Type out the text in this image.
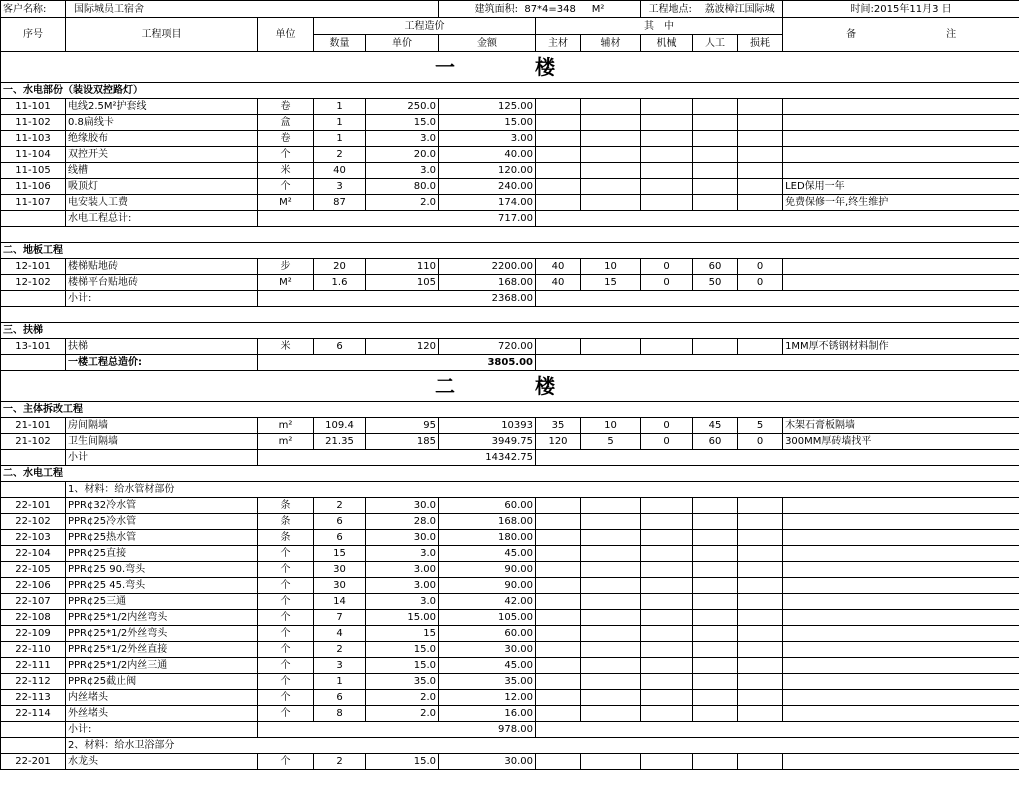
客户名称:	国际城员工宿舍				建筑面积: 87*4=348 M²			工程地点: 荔波樟江国际城			时间:2015年11月3 日
序号	工程项目	单位	工程造价			其　中					备 注
			数量	单价	金额	主材	辅材	机械	人工	损耗	
一　楼											
一、水电部份（装设双控路灯）											
11-101	电线2.5M²护套线	卷	1	250.0	125.00						
11-102	0.8扁线卡	盒	1	15.0	15.00						
11-103	绝缘胶布	卷	1	3.0	3.00						
11-104	双控开关	个	2	20.0	40.00						
11-105	线槽	米	40	3.0	120.00						
11-106	吸顶灯	个	3	80.0	240.00						LED保用一年
11-107	电安装人工费	M²	87	2.0	174.00						免费保修一年,终生维护
	水电工程总计:	717.00									

二、地板工程											
12-101	楼梯贴地砖	步	20	110	2200.00	40	10	0	60	0	
12-102	楼梯平台贴地砖	M²	1.6	105	168.00	40	15	0	50	0	
	小计:	2368.00									

三、扶梯											
13-101	扶梯	米	6	120	720.00						1MM厚不锈钢材料制作
	一楼工程总造价:	3805.00									
二　楼											
一、主体拆改工程											
21-101	房间隔墙	m²	109.4	95	10393	35	10	0	45	5	木架石膏板隔墙
21-102	卫生间隔墙	m²	21.35	185	3949.75	120	5	0	60	0	300MM厚砖墙找平
	小计	14342.75									
二、水电工程											
	1、材料：给水管材部份										
22-101	PPR¢32冷水管	条	2	30.0	60.00						
22-102	PPR¢25冷水管	条	6	28.0	168.00						
22-103	PPR¢25热水管	条	6	30.0	180.00						
22-104	PPR¢25直接	个	15	3.0	45.00						
22-105	PPR¢25 90.弯头	个	30	3.00	90.00						
22-106	PPR¢25 45.弯头	个	30	3.00	90.00						
22-107	PPR¢25三通	个	14	3.0	42.00						
22-108	PPR¢25*1/2内丝弯头	个	7	15.00	105.00						
22-109	PPR¢25*1/2外丝弯头	个	4	15	60.00						
22-110	PPR¢25*1/2外丝直接	个	2	15.0	30.00						
22-111	PPR¢25*1/2内丝三通	个	3	15.0	45.00						
22-112	PPR¢25截止阀	个	1	35.0	35.00						
22-113	内丝堵头	个	6	2.0	12.00						
22-114	外丝堵头	个	8	2.0	16.00						
	小计:	978.00									
	2、材料：给水卫浴部分										
22-201	水龙头	个	2	15.0	30.00						
